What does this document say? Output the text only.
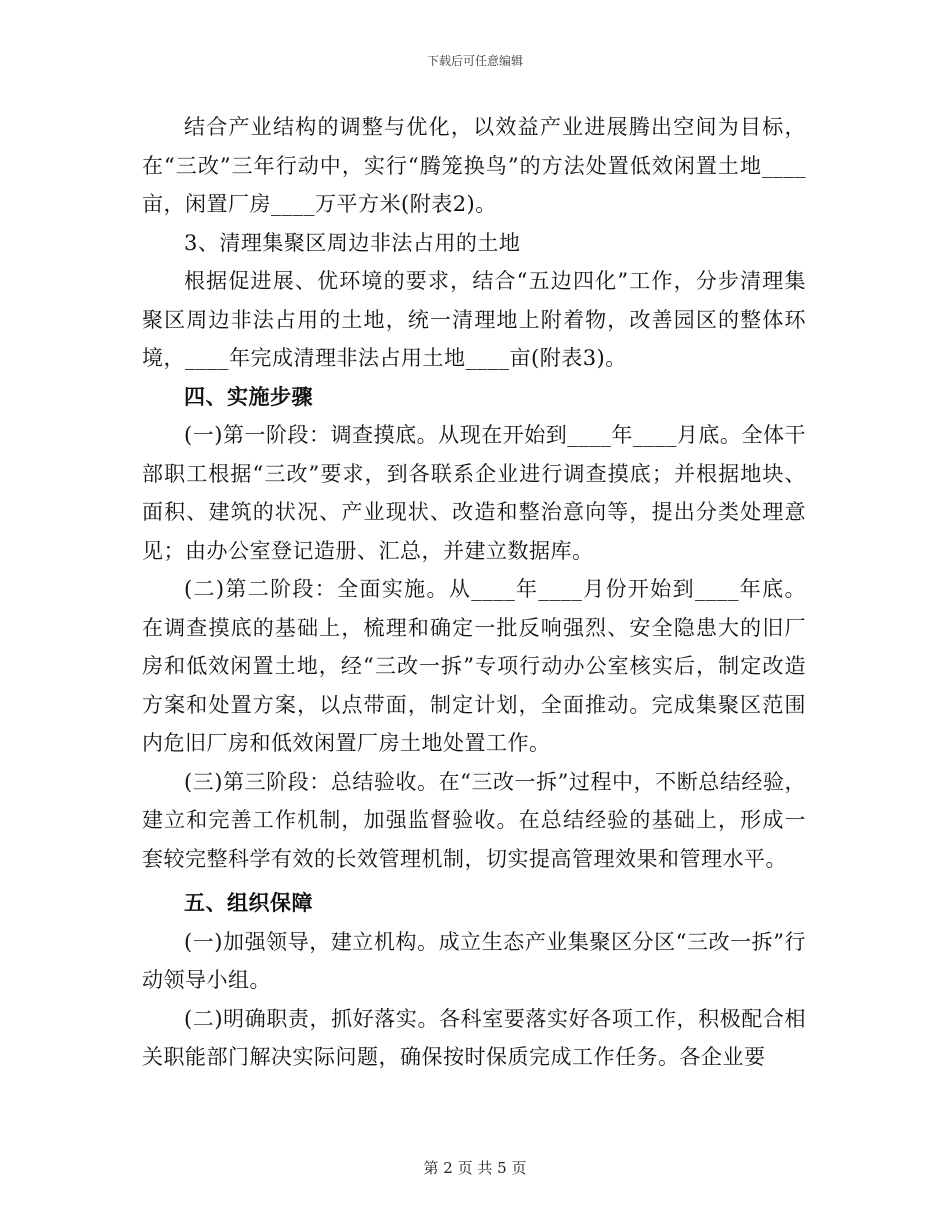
下载后可任意编辑

结合产业结构的调整与优化，以效益产业进展腾出空间为目标，在“三改”三年行动中，实行“腾笼换鸟”的方法处置低效闲置土地____亩，闲置厂房____万平方米(附表2)。

3、清理集聚区周边非法占用的土地

根据促进展、优环境的要求，结合“五边四化”工作，分步清理集聚区周边非法占用的土地，统一清理地上附着物，改善园区的整体环境，____年完成清理非法占用土地____亩(附表3)。

四、实施步骤

(一)第一阶段：调查摸底。从现在开始到____年____月底。全体干部职工根据“三改”要求，到各联系企业进行调查摸底；并根据地块、面积、建筑的状况、产业现状、改造和整治意向等，提出分类处理意见；由办公室登记造册、汇总，并建立数据库。

(二)第二阶段：全面实施。从____年____月份开始到____年底。在调查摸底的基础上，梳理和确定一批反响强烈、安全隐患大的旧厂房和低效闲置土地，经“三改一拆”专项行动办公室核实后，制定改造方案和处置方案，以点带面，制定计划，全面推动。完成集聚区范围内危旧厂房和低效闲置厂房土地处置工作。

(三)第三阶段：总结验收。在“三改一拆”过程中，不断总结经验，建立和完善工作机制，加强监督验收。在总结经验的基础上，形成一套较完整科学有效的长效管理机制，切实提高管理效果和管理水平。

五、组织保障

(一)加强领导，建立机构。成立生态产业集聚区分区“三改一拆”行动领导小组。

(二)明确职责，抓好落实。各科室要落实好各项工作，积极配合相关职能部门解决实际问题，确保按时保质完成工作任务。各企业要

第 2 页 共 5 页
